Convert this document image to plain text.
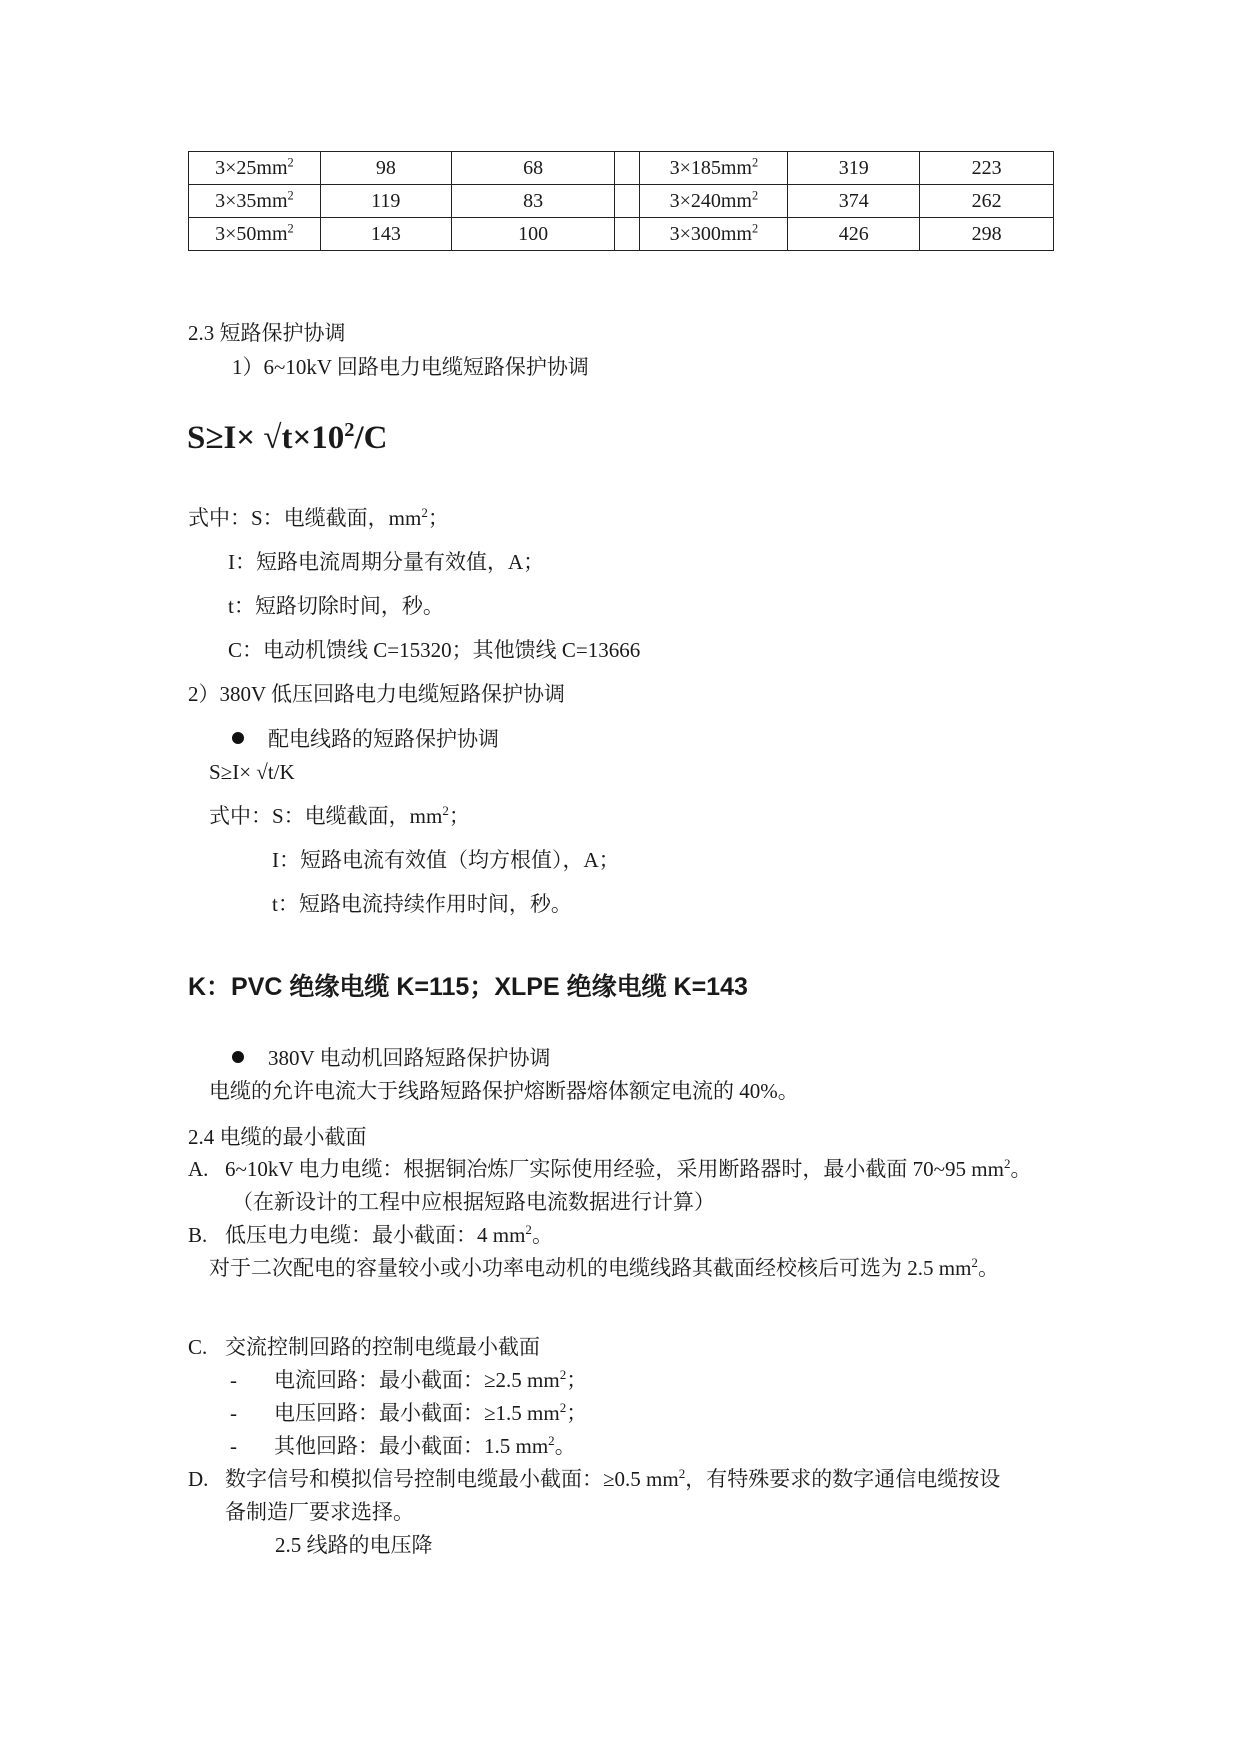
$3\times 25mm^2$	98	68		$3\times 185mm^2$	319	223
$3\times 35mm^2$	119	83		$3\times 240mm^2$	374	262
$3\times 50mm^2$	143	100		$3\times 300mm^2$	426	298
2.3 短路保护协调
1）6~10kV 回路电力电缆短路保护协调
$S\ge I\times √t\times 10^2/C$
式中：S：电缆截面，$mm^2$；
I：短路电流周期分量有效值，A；
t：短路切除时间，秒。
C：电动机馈线 C=15320；其他馈线 C=13666
2）380V 低压回路电力电缆短路保护协调
配电线路的短路保护协调
S≥I× √t/K
式中：S：电缆截面，$mm^2$；
I：短路电流有效值（均方根值），A；
t：短路电流持续作用时间，秒。
K：PVC 绝缘电缆 K=115；XLPE 绝缘电缆 K=143
380V 电动机回路短路保护协调
电缆的允许电流大于线路短路保护熔断器熔体额定电流的 40%。
2.4 电缆的最小截面
A. 6~10kV 电力电缆：根据铜冶炼厂实际使用经验，采用断路器时，最小截面 70~95 $mm^2$。
（在新设计的工程中应根据短路电流数据进行计算）
B. 低压电力电缆：最小截面：4 $mm^2$。
对于二次配电的容量较小或小功率电动机的电缆线路其截面经校核后可选为 2.5 $mm^2$。
C. 交流控制回路的控制电缆最小截面
- 电流回路：最小截面：≥2.5 $mm^2$；
- 电压回路：最小截面：≥1.5 $mm^2$；
- 其他回路：最小截面：1.5 $mm^2$。
D. 数字信号和模拟信号控制电缆最小截面：≥0.5 $mm^2$，有特殊要求的数字通信电缆按设
备制造厂要求选择。
2.5 线路的电压降
